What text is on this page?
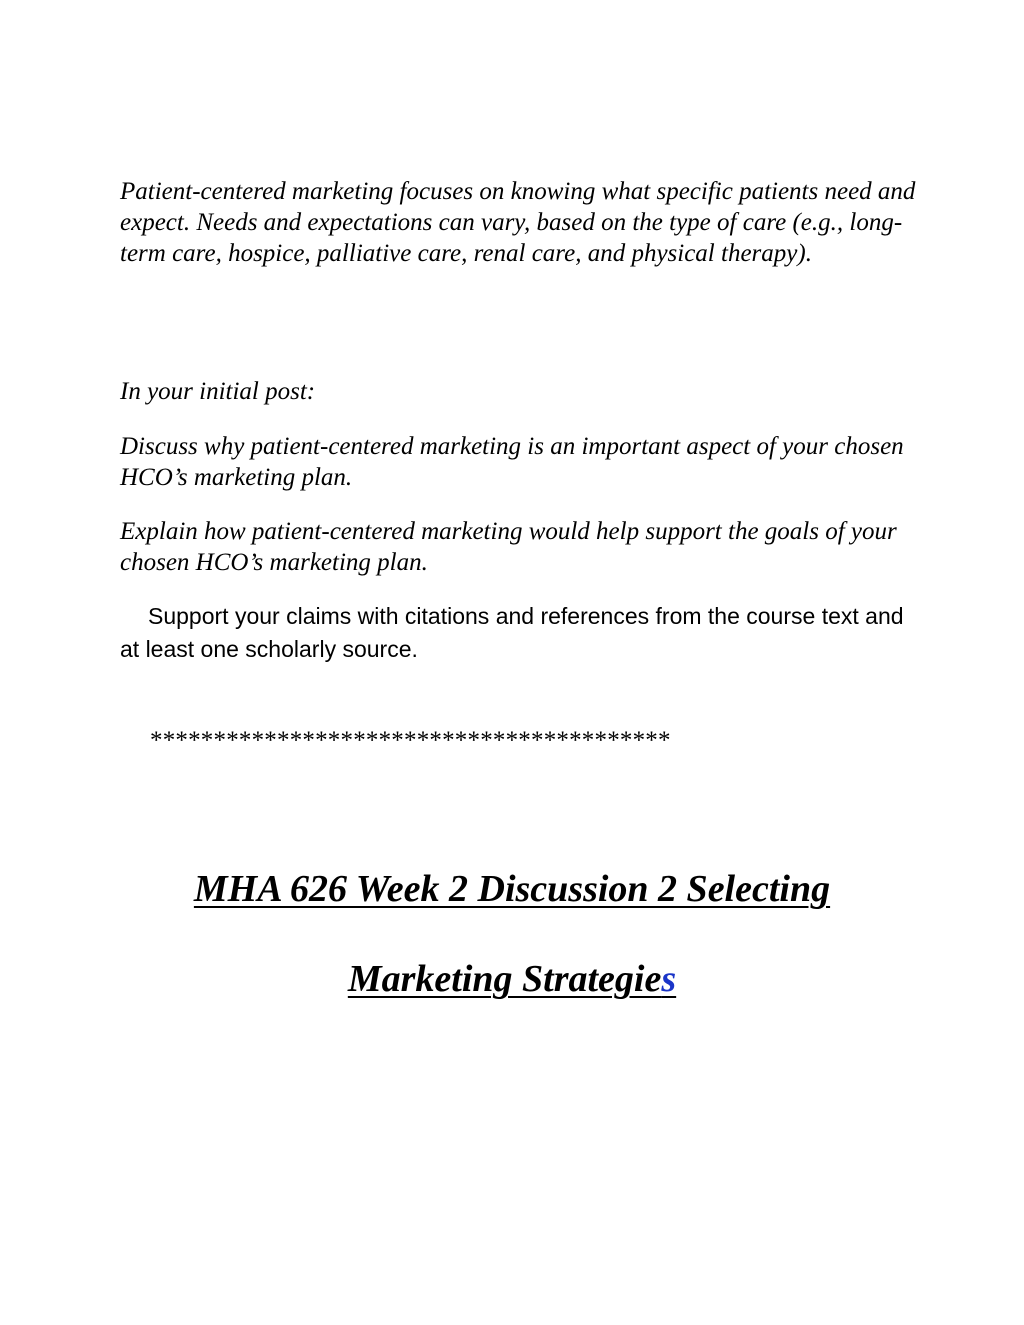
Patient-centered marketing focuses on knowing what specific patients need and expect. Needs and expectations can vary, based on the type of care (e.g., long-term care, hospice, palliative care, renal care, and physical therapy).

In your initial post:

Discuss why patient-centered marketing is an important aspect of your chosen HCO’s marketing plan.

Explain how patient-centered marketing would help support the goals of your chosen HCO’s marketing plan.

Support your claims with citations and references from the course text and at least one scholarly source.

*****************************************

MHA 626 Week 2 Discussion 2 Selecting
Marketing Strategies
